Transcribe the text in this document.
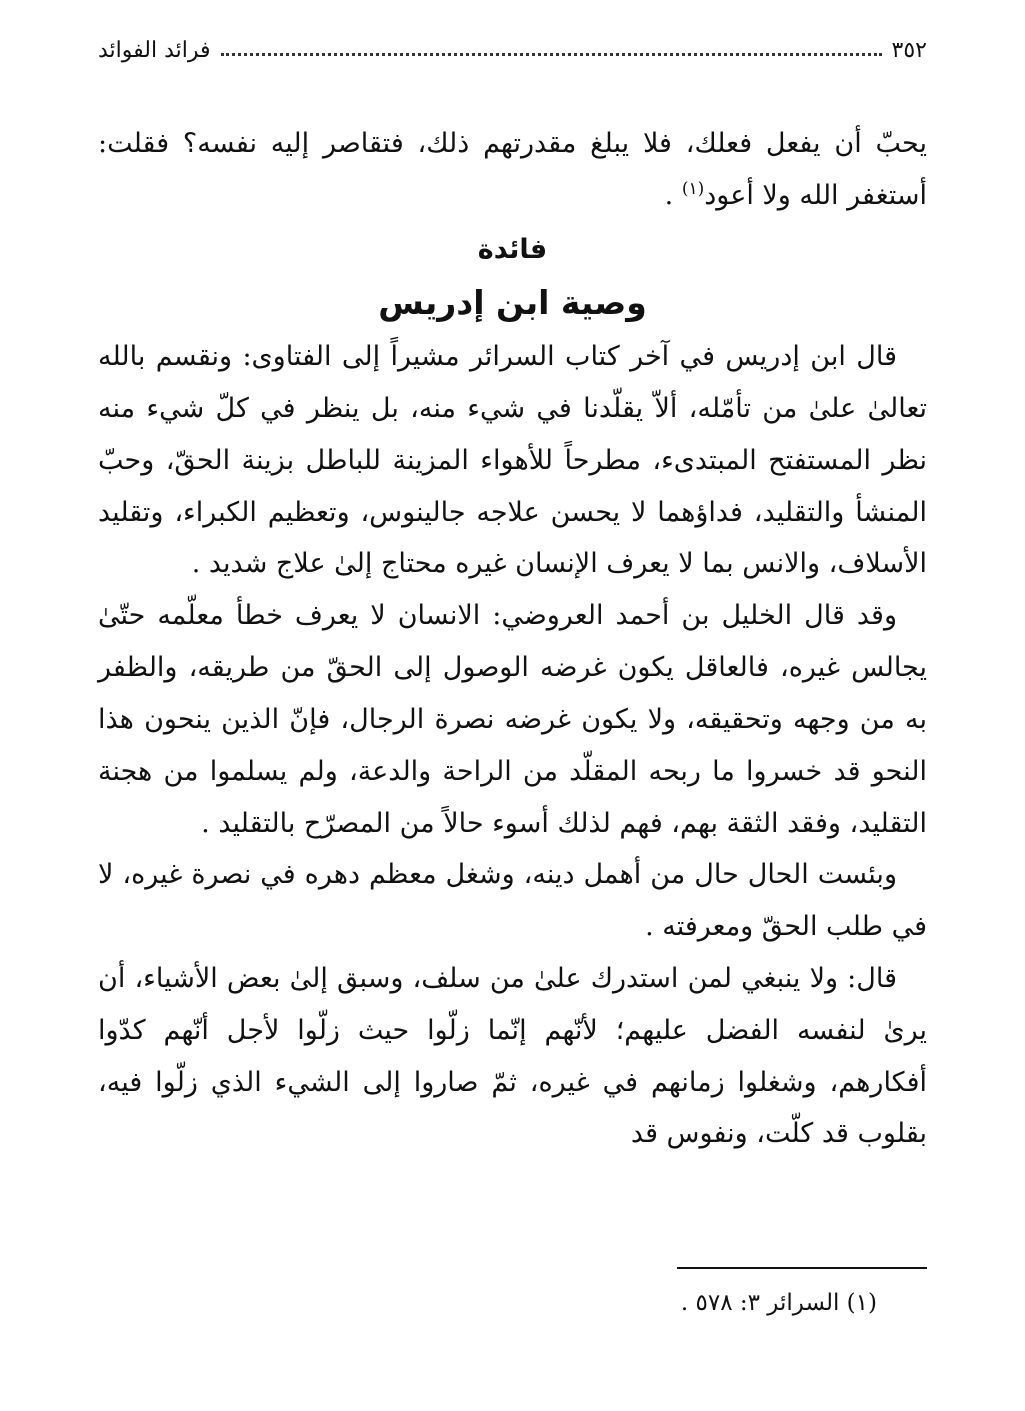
٣٥٢
فرائد الفوائد

يحبّ أن يفعل فعلك، فلا يبلغ مقدرتهم ذلك، فتقاصر إليه نفسه؟ فقلت: أستغفر الله ولا أعود$^{(١)}$ .

فائدة
وصية ابن إدريس

قال ابن إدريس في آخر كتاب السرائر مشيراً إلى الفتاوى: ونقسم بالله تعالىٰ علىٰ من تأمّله، ألاّ يقلّدنا في شيء منه، بل ينظر في كلّ شيء منه نظر المستفتح المبتدىء، مطرحاً للأهواء المزينة للباطل بزينة الحقّ، وحبّ المنشأ والتقليد، فداؤهما لا يحسن علاجه جالينوس، وتعظيم الكبراء، وتقليد الأسلاف، والانس بما لا يعرف الإنسان غيره محتاج إلىٰ علاج شديد .

وقد قال الخليل بن أحمد العروضي: الانسان لا يعرف خطأ معلّمه حتّىٰ يجالس غيره، فالعاقل يكون غرضه الوصول إلى الحقّ من طريقه، والظفر به من وجهه وتحقيقه، ولا يكون غرضه نصرة الرجال، فإنّ الذين ينحون هذا النحو قد خسروا ما ربحه المقلّد من الراحة والدعة، ولم يسلموا من هجنة التقليد، وفقد الثقة بهم، فهم لذلك أسوء حالاً من المصرّح بالتقليد .

وبئست الحال حال من أهمل دينه، وشغل معظم دهره في نصرة غيره، لا في طلب الحقّ ومعرفته .

قال: ولا ينبغي لمن استدرك علىٰ من سلف، وسبق إلىٰ بعض الأشياء، أن يرىٰ لنفسه الفضل عليهم؛ لأنّهم إنّما زلّوا حيث زلّوا لأجل أنّهم كدّوا أفكارهم، وشغلوا زمانهم في غيره، ثمّ صاروا إلى الشيء الذي زلّوا فيه، بقلوب قد كلّت، ونفوس قد

(١) السرائر ٣: ٥٧٨ .
